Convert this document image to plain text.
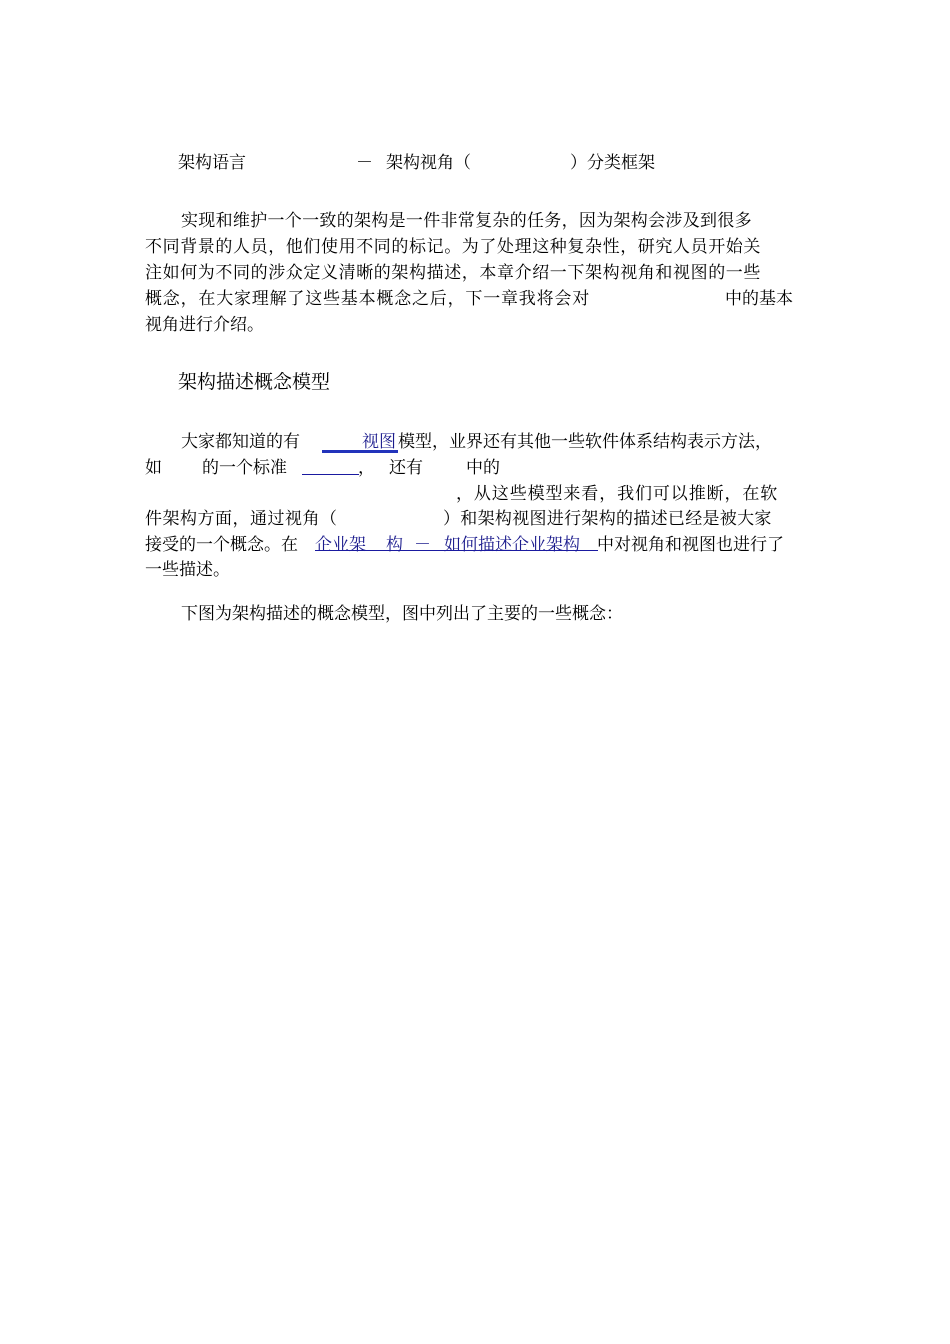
架构语言	－ 架构视角（	）分类框架
实现和维护一个一致的架构是一件非常复杂的任务，因为架构会涉及到很多
不同背景的人员，他们使用不同的标记。为了处理这种复杂性，研究人员开始关
注如何为不同的涉众定义清晰的架构描述，本章介绍一下架构视角和视图的一些
概念，在大家理解了这些基本概念之后，下一章我将会对	中的基本
视角进行介绍。
架构描述概念模型
大家都知道的有	视图 模型，业界还有其他一些软件体系结构表示方法，
如 的一个标准	， 还有	中的
，从这些模型来看，我们可以推断，在软
件架构方面，通过视角（	）和架构视图进行架构的描述已经是被大家
接受的一个概念。在 企业架 构 － 如何描述企业架构 中对视角和视图也进行了
一些描述。
下图为架构描述的概念模型，图中列出了主要的一些概念：
